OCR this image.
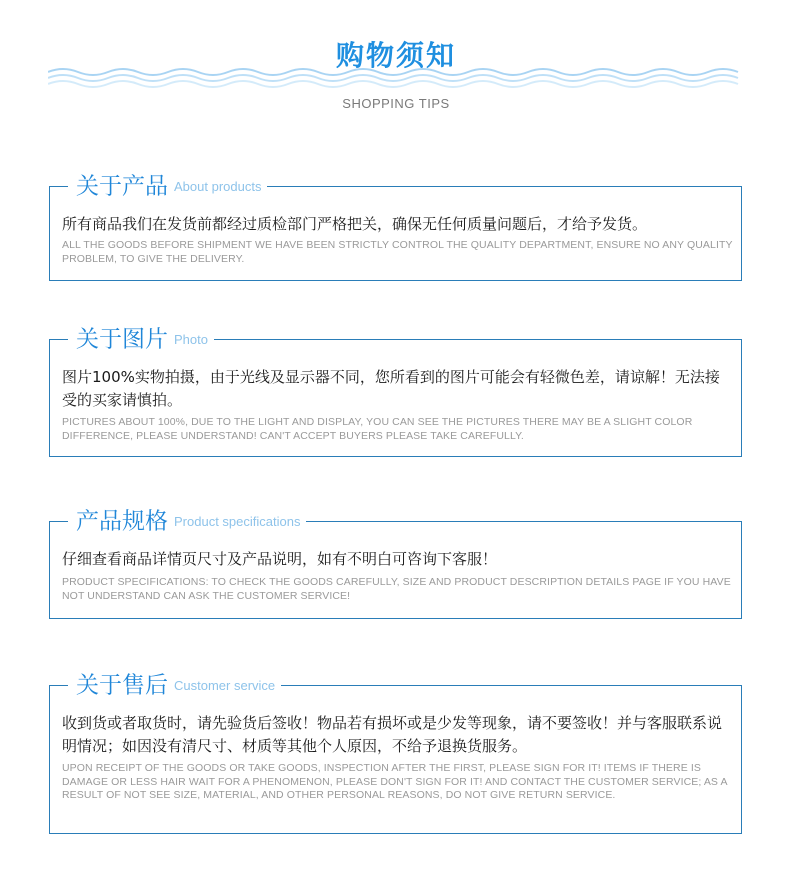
购物须知
SHOPPING TIPS
关于产品 About products
所有商品我们在发货前都经过质检部门严格把关，确保无任何质量问题后，才给予发货。
ALL THE GOODS BEFORE SHIPMENT WE HAVE BEEN STRICTLY CONTROL THE QUALITY DEPARTMENT, ENSURE NO ANY QUALITY PROBLEM, TO GIVE THE DELIVERY.
关于图片 Photo
图片100%实物拍摄，由于光线及显示器不同，您所看到的图片可能会有轻微色差，请谅解！无法接受的买家请慎拍。
PICTURES ABOUT 100%, DUE TO THE LIGHT AND DISPLAY, YOU CAN SEE THE PICTURES THERE MAY BE A SLIGHT COLOR DIFFERENCE, PLEASE UNDERSTAND! CAN'T ACCEPT BUYERS PLEASE TAKE CAREFULLY.
产品规格 Product specifications
仔细查看商品详情页尺寸及产品说明，如有不明白可咨询下客服！
PRODUCT SPECIFICATIONS: TO CHECK THE GOODS CAREFULLY, SIZE AND PRODUCT DESCRIPTION DETAILS PAGE IF YOU HAVE NOT UNDERSTAND CAN ASK THE CUSTOMER SERVICE!
关于售后 Customer service
收到货或者取货时，请先验货后签收！物品若有损坏或是少发等现象，请不要签收！并与客服联系说明情况；如因没有清尺寸、材质等其他个人原因，不给予退换货服务。
UPON RECEIPT OF THE GOODS OR TAKE GOODS, INSPECTION AFTER THE FIRST, PLEASE SIGN FOR IT! ITEMS IF THERE IS DAMAGE OR LESS HAIR WAIT FOR A PHENOMENON, PLEASE DON'T SIGN FOR IT! AND CONTACT THE CUSTOMER SERVICE; AS A RESULT OF NOT SEE SIZE, MATERIAL, AND OTHER PERSONAL REASONS, DO NOT GIVE RETURN SERVICE.
